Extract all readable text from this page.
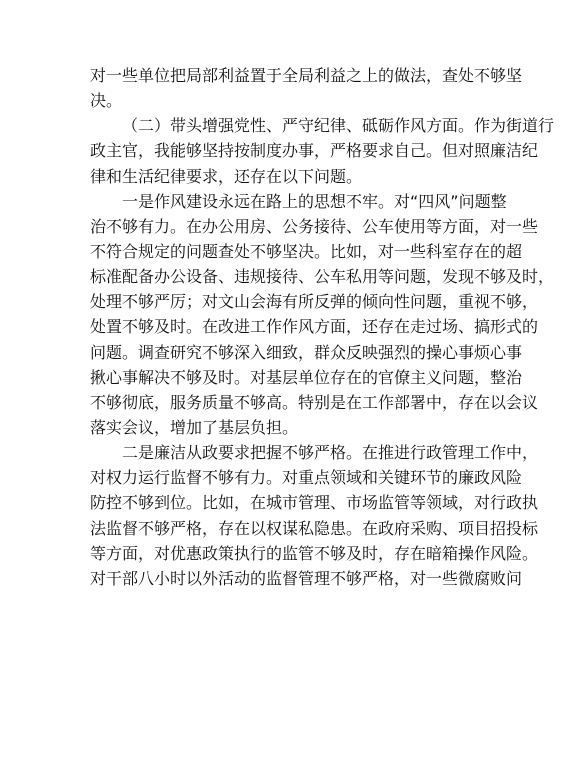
对一些单位把局部利益置于全局利益之上的做法，查处不够坚
决。
（二）带头增强党性、严守纪律、砥砺作风方面。作为街道行
政主官，我能够坚持按制度办事，严格要求自己。但对照廉洁纪
律和生活纪律要求，还存在以下问题。
一是作风建设永远在路上的思想不牢。对“四风”问题整
治不够有力。在办公用房、公务接待、公车使用等方面，对一些
不符合规定的问题查处不够坚决。比如，对一些科室存在的超
标准配备办公设备、违规接待、公车私用等问题，发现不够及时，
处理不够严厉；对文山会海有所反弹的倾向性问题，重视不够，
处置不够及时。在改进工作作风方面，还存在走过场、搞形式的
问题。调查研究不够深入细致，群众反映强烈的操心事烦心事
揪心事解决不够及时。对基层单位存在的官僚主义问题，整治
不够彻底，服务质量不够高。特别是在工作部署中，存在以会议
落实会议，增加了基层负担。
二是廉洁从政要求把握不够严格。在推进行政管理工作中，
对权力运行监督不够有力。对重点领域和关键环节的廉政风险
防控不够到位。比如，在城市管理、市场监管等领域，对行政执
法监督不够严格，存在以权谋私隐患。在政府采购、项目招投标
等方面，对优惠政策执行的监管不够及时，存在暗箱操作风险。
对干部八小时以外活动的监督管理不够严格，对一些微腐败问
